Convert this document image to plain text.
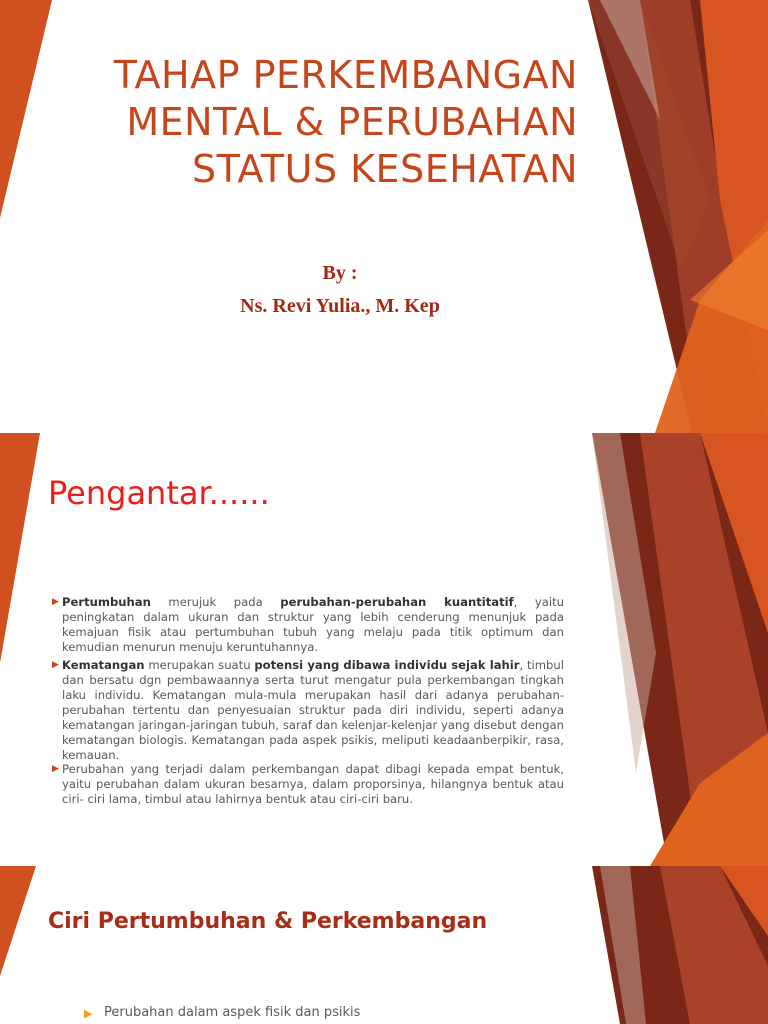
TAHAP PERKEMBANGAN
MENTAL & PERUBAHAN
STATUS KESEHATAN
By :
Ns. Revi Yulia., M. Kep
Pengantar......

▶ Pertumbuhan merujuk pada perubahan-perubahan kuantitatif, yaitu peningkatan dalam ukuran dan struktur yang lebih cenderung menunjuk pada kemajuan fisik atau pertumbuhan tubuh yang melaju pada titik optimum dan kemudian menurun menuju keruntuhannya.

▶ Kematangan merupakan suatu potensi yang dibawa individu sejak lahir, timbul dan bersatu dgn pembawaannya serta turut mengatur pula perkembangan tingkah laku individu. Kematangan mula-mula merupakan hasil dari adanya perubahan-perubahan tertentu dan penyesuaian struktur pada diri individu, seperti adanya kematangan jaringan-jaringan tubuh, saraf dan kelenjar-kelenjar yang disebut dengan kematangan biologis. Kematangan pada aspek psikis, meliputi keadaanberpikir, rasa, kemauan.

▶ Perubahan yang terjadi dalam perkembangan dapat dibagi kepada empat bentuk, yaitu perubahan dalam ukuran besarnya, dalam proporsinya, hilangnya bentuk atau ciri- ciri lama, timbul atau lahirnya bentuk atau ciri-ciri baru.

Ciri Pertumbuhan & Perkembangan
▶ Perubahan dalam aspek fisik dan psikis
